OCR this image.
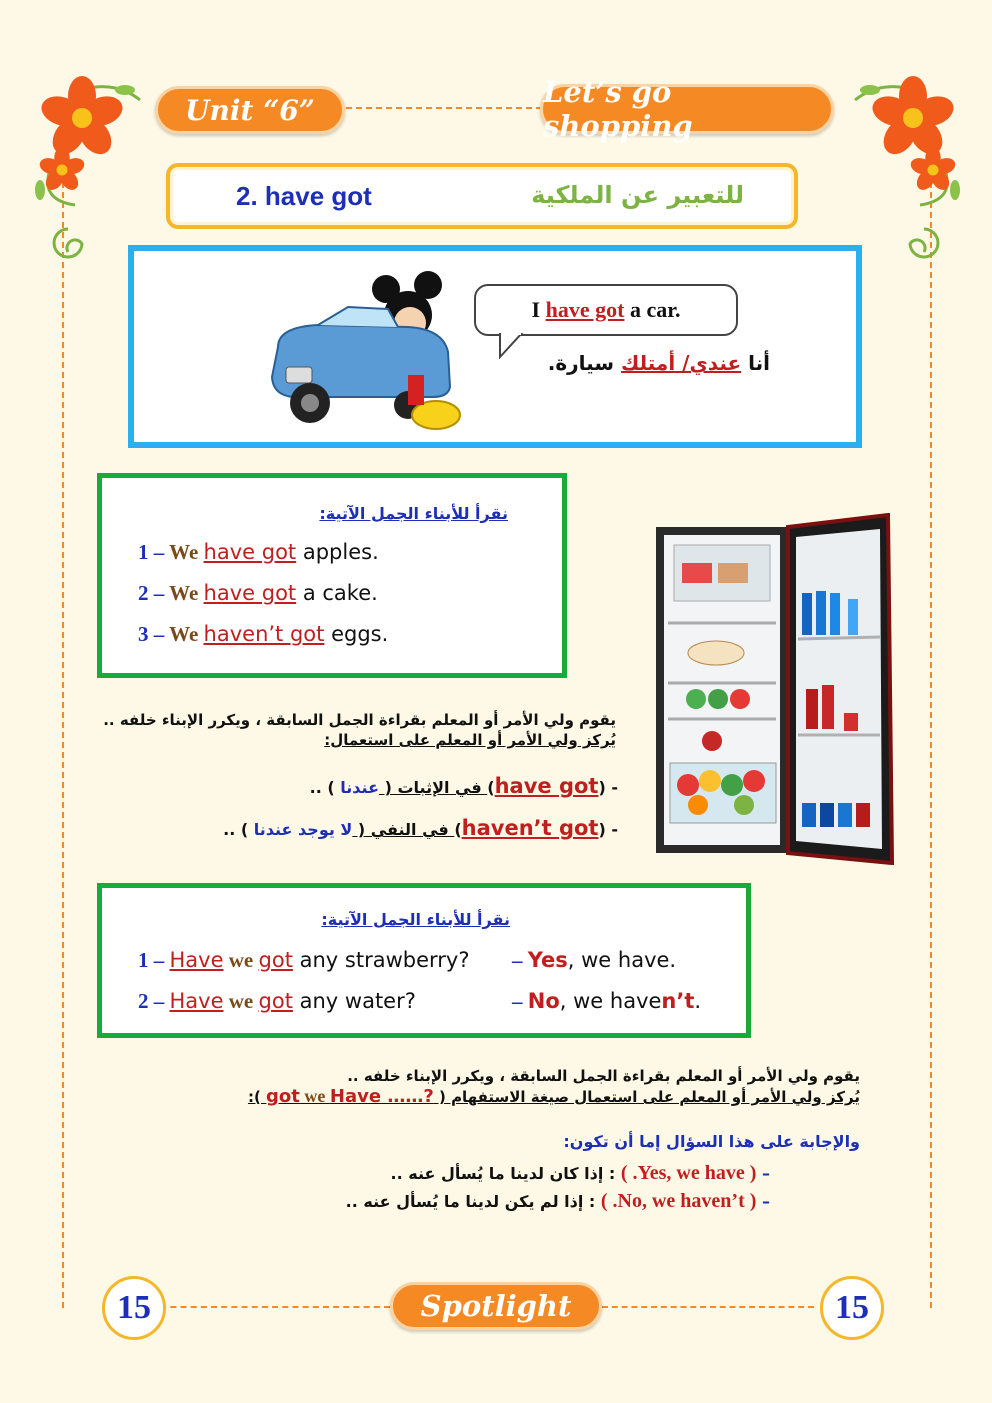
Unit “6”
Let’s go shopping
2. have got	للتعبير عن الملكية
I have got a car.
أنا عندي/ أمتلك سيارة.
نقرأ للأبناء الجمل الآتية:
1 – We have got apples.
2 – We have got a cake.
3 – We haven’t got eggs.
يقوم ولي الأمر أو المعلم بقراءة الجمل السابقة ، ويكرر الإبناء خلفه ..
يُركز ولي الأمر أو المعلم على استعمال:
- (have got) في الإثبات ( عندنا ) ..
- (haven’t got) في النفي ( لا يوجد عندنا ) ..
نقرأ للأبناء الجمل الآتية:
1 – Have we got any strawberry? – Yes, we have.
2 – Have we got any water?	– No, we haven’t.
يقوم ولي الأمر أو المعلم بقراءة الجمل السابقة ، ويكرر الإبناء خلفه ..
يُركز ولي الأمر أو المعلم على استعمال صيغة الاستفهام ( ?…… got we Have ):
والإجابة على هذا السؤال إما أن تكون:
– ( Yes, we have. ) : إذا كان لدينا ما يُسأل عنه ..
– ( No, we haven’t. ) : إذا لم يكن لدينا ما يُسأل عنه ..
15	15
Spotlight
